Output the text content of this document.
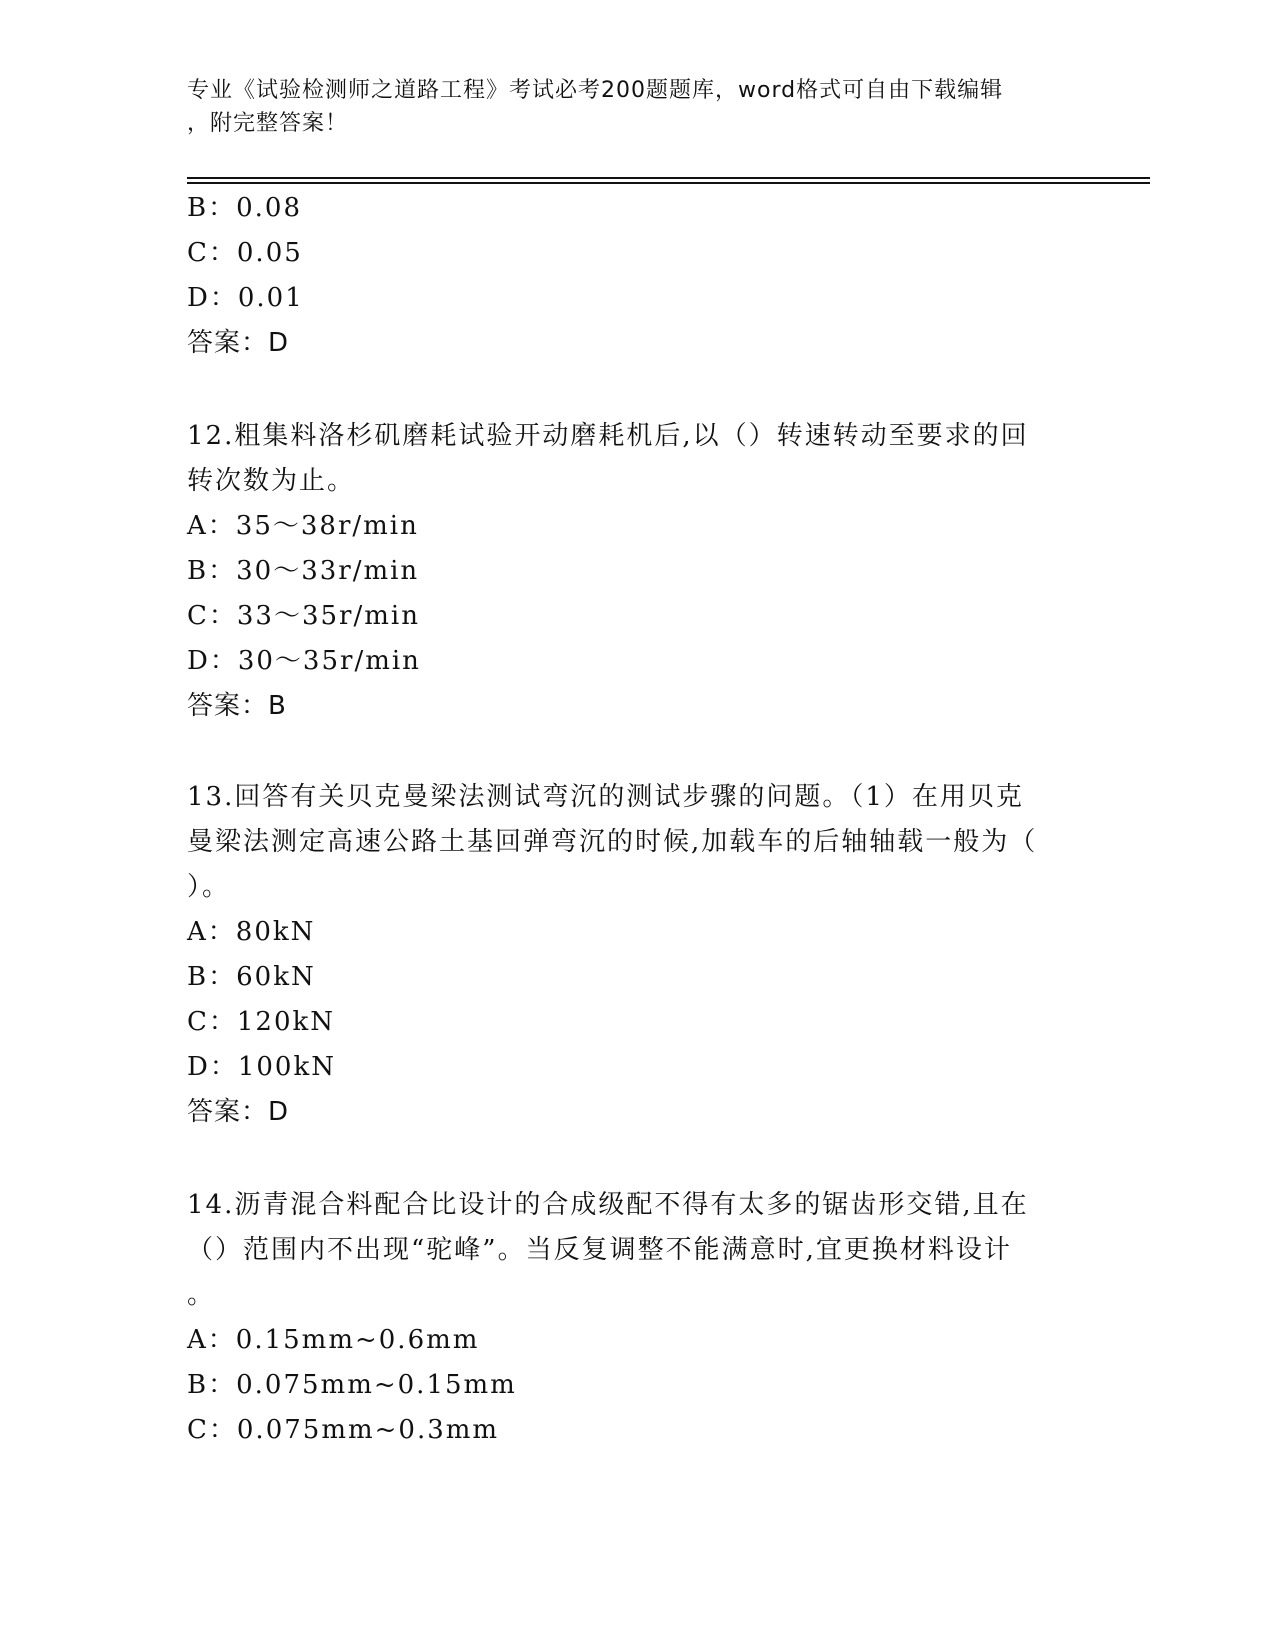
专业《试验检测师之道路工程》考试必考200题题库，word格式可自由下载编辑
，附完整答案！
B：0.08
C：0.05
D：0.01
答案：D
12.粗集料洛杉矶磨耗试验开动磨耗机后,以（）转速转动至要求的回
转次数为止。
A：35～38r/min
B：30～33r/min
C：33～35r/min
D：30～35r/min
答案：B
13.回答有关贝克曼梁法测试弯沉的测试步骤的问题。（1）在用贝克
曼梁法测定高速公路土基回弹弯沉的时候,加载车的后轴轴载一般为（
）。
A：80kN
B：60kN
C：120kN
D：100kN
答案：D
14.沥青混合料配合比设计的合成级配不得有太多的锯齿形交错,且在
（）范围内不出现“驼峰”。当反复调整不能满意时,宜更换材料设计
。
A：0.15mm~0.6mm
B：0.075mm~0.15mm
C：0.075mm~0.3mm
